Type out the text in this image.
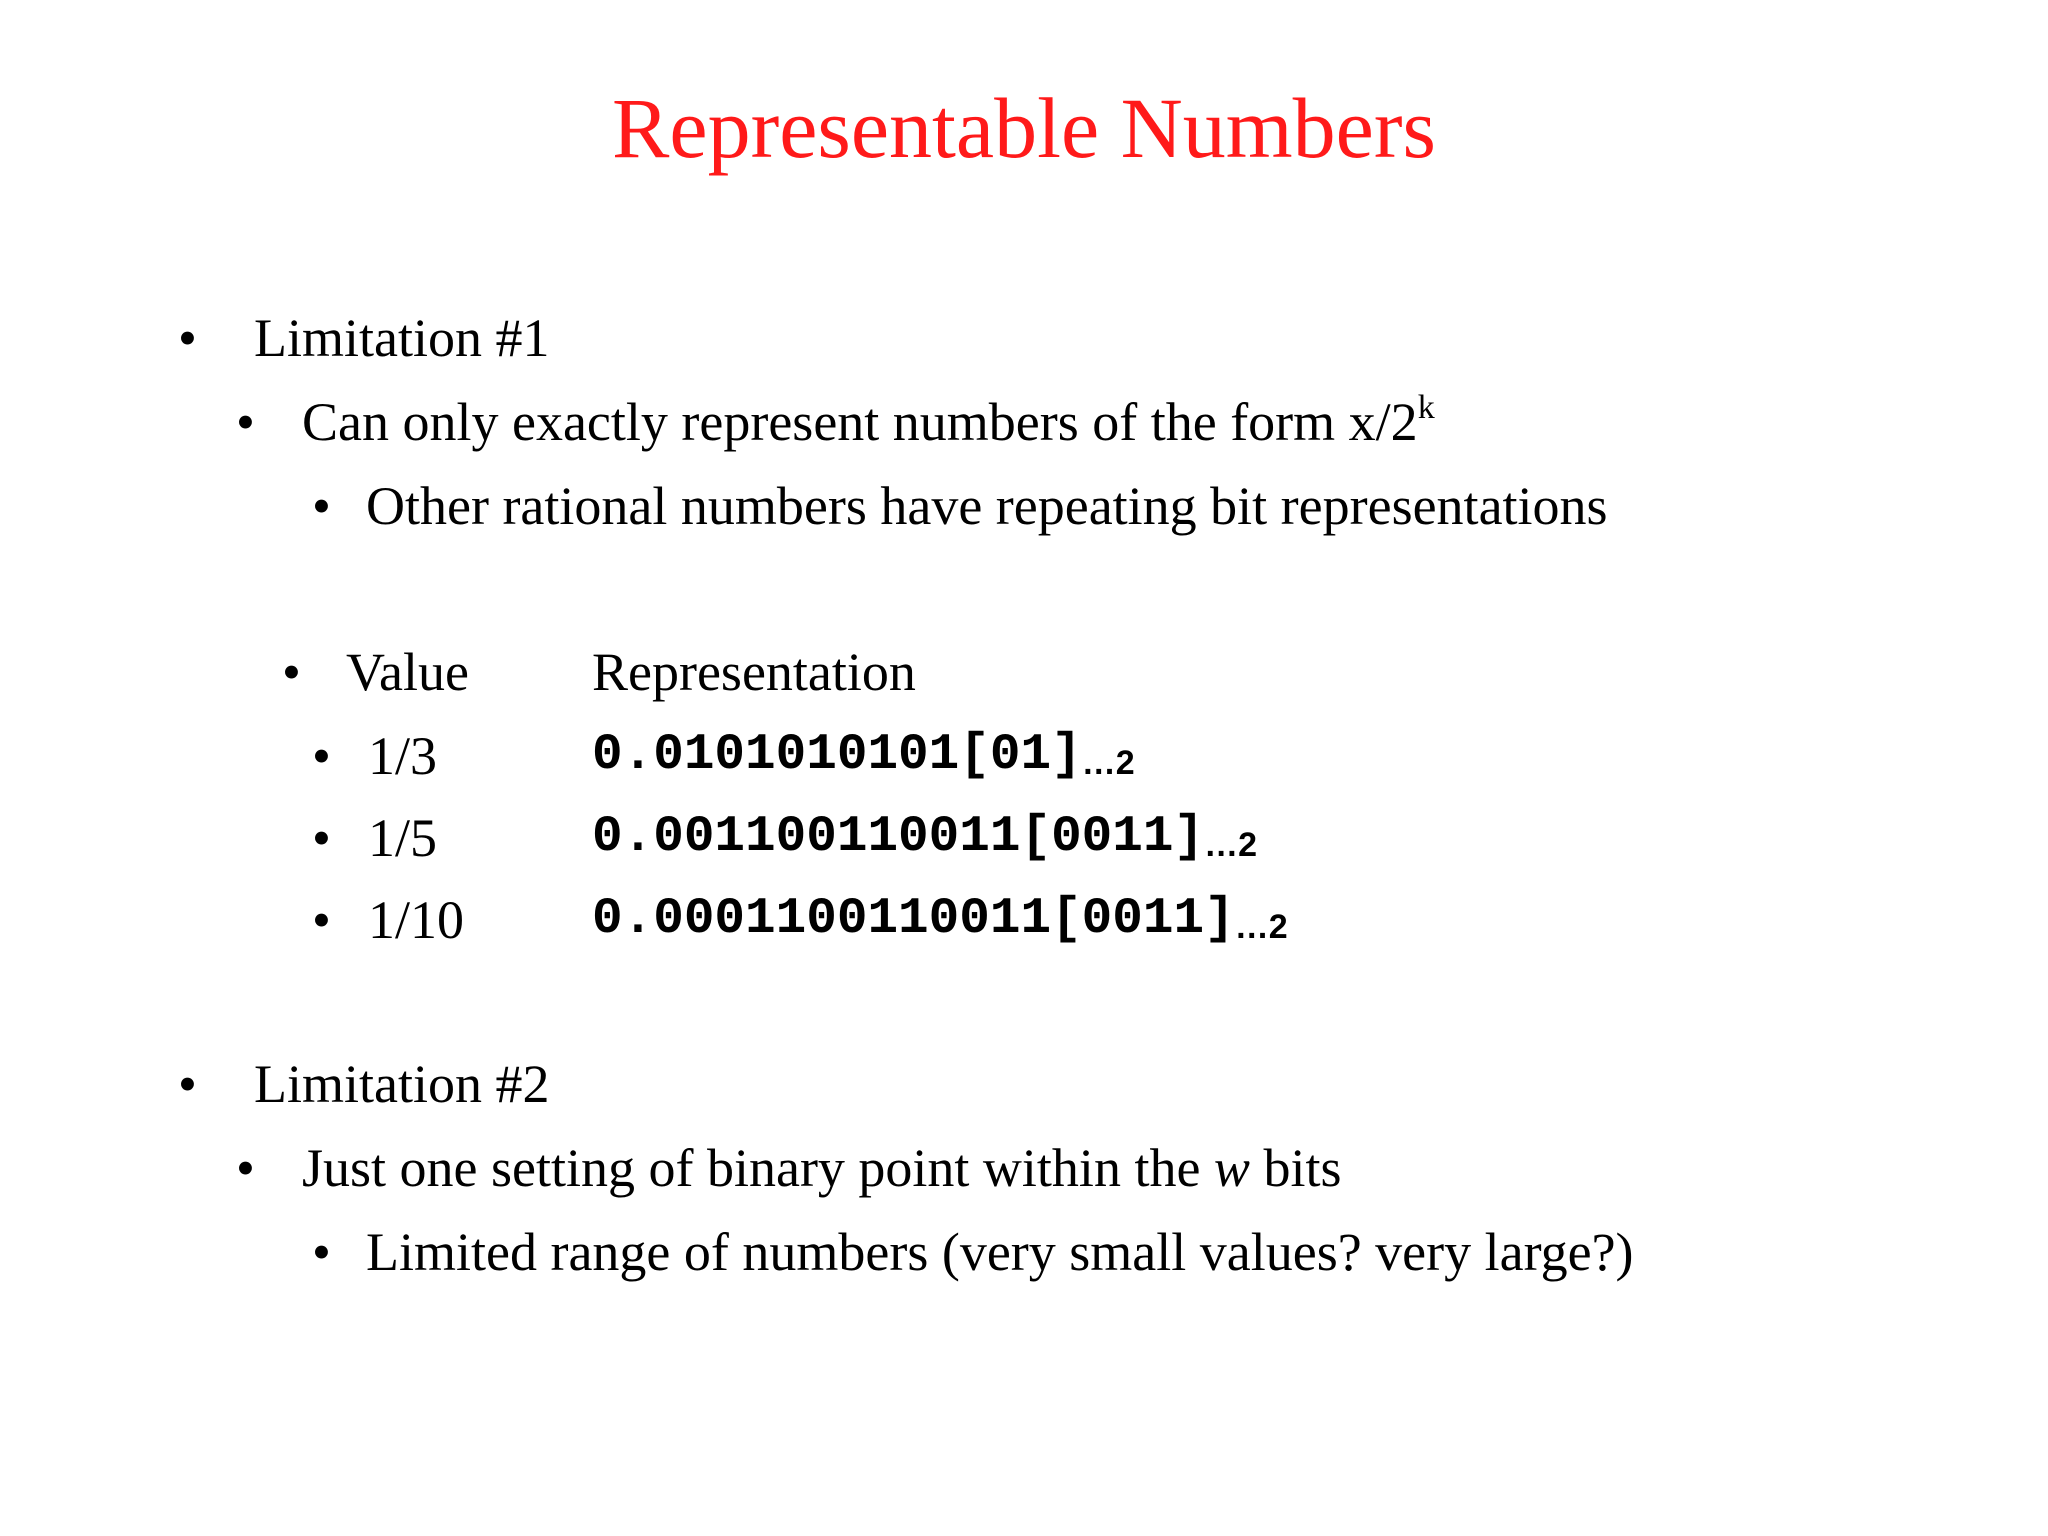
Representable Numbers
• Limitation #1
• Can only exactly represent numbers of the form x/2$^k$
• Other rational numbers have repeating bit representations
• Value Representation
• 1/3	0.0101010101[01]…2
• 1/5	0.001100110011[0011]…2
• 1/10	0.0001100110011[0011]…2
• Limitation #2
• Just one setting of binary point within the w bits
• Limited range of numbers (very small values? very large?)
